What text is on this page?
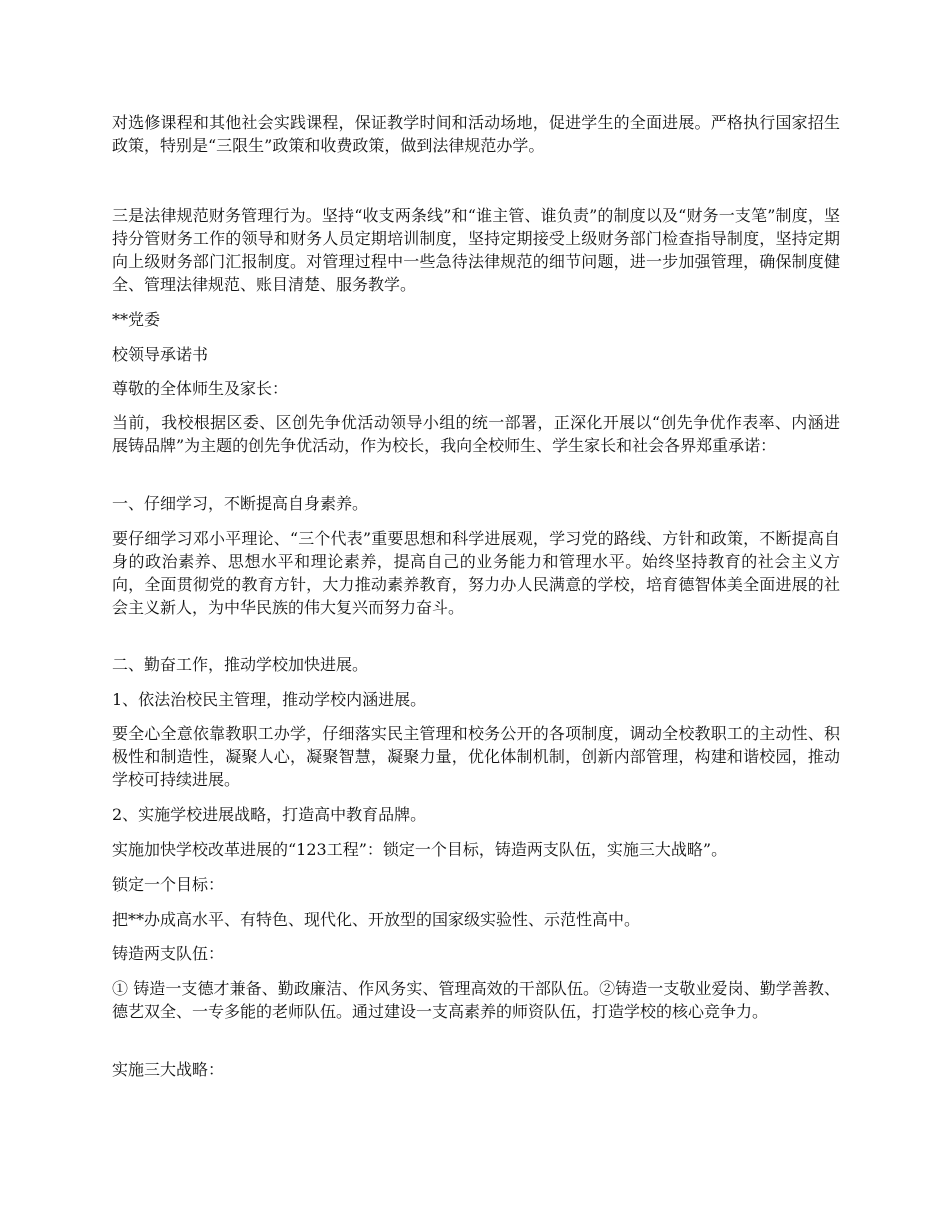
对选修课程和其他社会实践课程，保证教学时间和活动场地，促进学生的全面进展。严格执行国家招生政策，特别是“三限生”政策和收费政策，做到法律规范办学。

三是法律规范财务管理行为。坚持“收支两条线”和“谁主管、谁负责”的制度以及“财务一支笔”制度，坚持分管财务工作的领导和财务人员定期培训制度，坚持定期接受上级财务部门检查指导制度，坚持定期向上级财务部门汇报制度。对管理过程中一些急待法律规范的细节问题，进一步加强管理，确保制度健全、管理法律规范、账目清楚、服务教学。

**党委

校领导承诺书

尊敬的全体师生及家长：

当前，我校根据区委、区创先争优活动领导小组的统一部署，正深化开展以“创先争优作表率、内涵进展铸品牌”为主题的创先争优活动，作为校长，我向全校师生、学生家长和社会各界郑重承诺：

一、仔细学习，不断提高自身素养。

要仔细学习邓小平理论、“三个代表”重要思想和科学进展观，学习党的路线、方针和政策，不断提高自身的政治素养、思想水平和理论素养，提高自己的业务能力和管理水平。始终坚持教育的社会主义方向，全面贯彻党的教育方针，大力推动素养教育，努力办人民满意的学校，培育德智体美全面进展的社会主义新人，为中华民族的伟大复兴而努力奋斗。

二、勤奋工作，推动学校加快进展。

1、依法治校民主管理，推动学校内涵进展。

要全心全意依靠教职工办学，仔细落实民主管理和校务公开的各项制度，调动全校教职工的主动性、积极性和制造性，凝聚人心，凝聚智慧，凝聚力量，优化体制机制，创新内部管理，构建和谐校园，推动学校可持续进展。

2、实施学校进展战略，打造高中教育品牌。

实施加快学校改革进展的“123工程”：锁定一个目标，铸造两支队伍，实施三大战略”。

锁定一个目标：

把**办成高水平、有特色、现代化、开放型的国家级实验性、示范性高中。

铸造两支队伍：

① 铸造一支德才兼备、勤政廉洁、作风务实、管理高效的干部队伍。②铸造一支敬业爱岗、勤学善教、德艺双全、一专多能的老师队伍。通过建设一支高素养的师资队伍，打造学校的核心竞争力。

实施三大战略：
